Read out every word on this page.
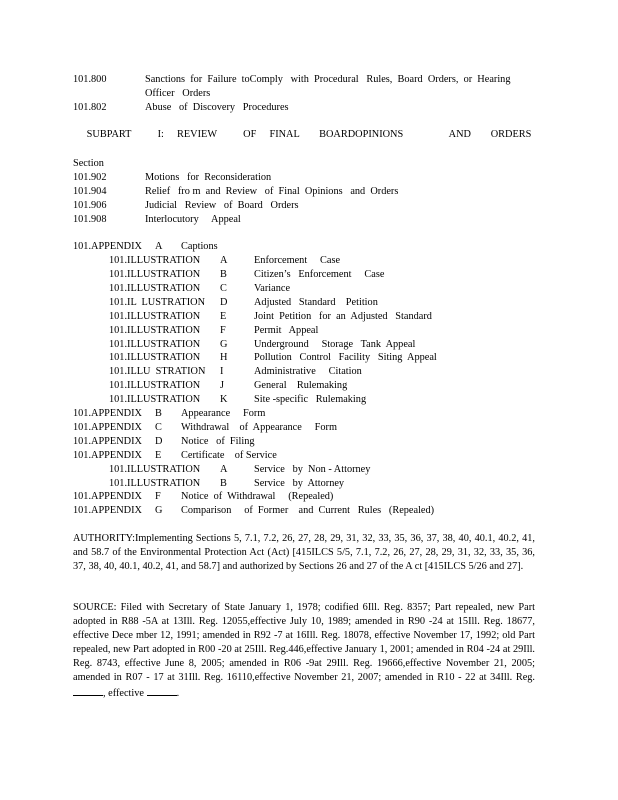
101.800	Sanctions  for  Failure  toComply   with  Procedural   Rules,  Board  Orders,  or  Hearing
Officer   Orders
101.802	Abuse   of  Discovery   Procedures
SUBPART    I:  REVIEW    OF  FINAL   BOARDOPINIONS       AND   ORDERS
Section
101.902	Motions   for  Reconsideration
101.904	Relief   fro m  and  Review   of  Final  Opinions   and  Orders
101.906	Judicial   Review   of  Board   Orders
101.908	Interlocutory     Appeal
101.APPENDIX A Captions
101.ILLUSTRATION A	Enforcement     Case
101.ILLUSTRATION B	Citizen’s   Enforcement     Case
101.ILLUSTRATION C	Variance
101.IL  LUSTRATION D	Adjusted   Standard    Petition
101.ILLUSTRATION E	Joint  Petition   for  an  Adjusted   Standard
101.ILLUSTRATION F	Permit   Appeal
101.ILLUSTRATION G	Underground     Storage   Tank  Appeal
101.ILLUSTRATION H	Pollution   Control   Facility   Siting  Appeal
101.ILLU  STRATION I	Administrative     Citation
101.ILLUSTRATION J	General    Rulemaking
101.ILLUSTRATION K	Site -specific   Rulemaking
101.APPENDIX B Appearance     Form
101.APPENDIX C Withdrawal    of  Appearance     Form
101.APPENDIX D Notice   of  Filing
101.APPENDIX E Certificate    of Service
101.ILLUSTRATION A	Service   by  Non - Attorney
101.ILLUSTRATION B	Service   by  Attorney
101.APPENDIX F Notice  of  Withdrawal     (Repealed)
101.APPENDIX G Comparison     of  Former    and  Current   Rules   (Repealed)
AUTHORITY:Implementing Sections 5, 7.1, 7.2, 26, 27, 28, 29, 31, 32, 33, 35, 36, 37, 38, 40, 40.1, 40.2, 41, and 58.7 of the Environmental Protection Act (Act) [415ILCS 5/5, 7.1, 7.2, 26, 27, 28, 29, 31, 32, 33, 35, 36, 37, 38, 40, 40.1, 40.2, 41, and 58.7] and authorized by Sections 26 and 27 of the A ct [415ILCS 5/26 and 27].
SOURCE: Filed with Secretary of State January 1, 1978; codified 6Ill. Reg. 8357; Part repealed, new Part adopted in R88 -5A at 13Ill. Reg. 12055,effective July 10, 1989; amended in R90 -24 at 15Ill. Reg. 18677, effective Dece mber 12, 1991; amended in R92 -7 at 16Ill. Reg. 18078, effective November 17, 1992; old Part repealed, new Part adopted in R00 -20 at 25Ill. Reg.446,effective January 1, 2001; amended in R04 -24 at 29Ill. Reg. 8743, effective June 8, 2005; amended in R06 -9at 29Ill. Reg. 19666,effective November 21, 2005; amended in R07 - 17 at 31Ill. Reg. 16110,effective November 21, 2007; amended in R10 - 22 at 34Ill. Reg., effective	.
